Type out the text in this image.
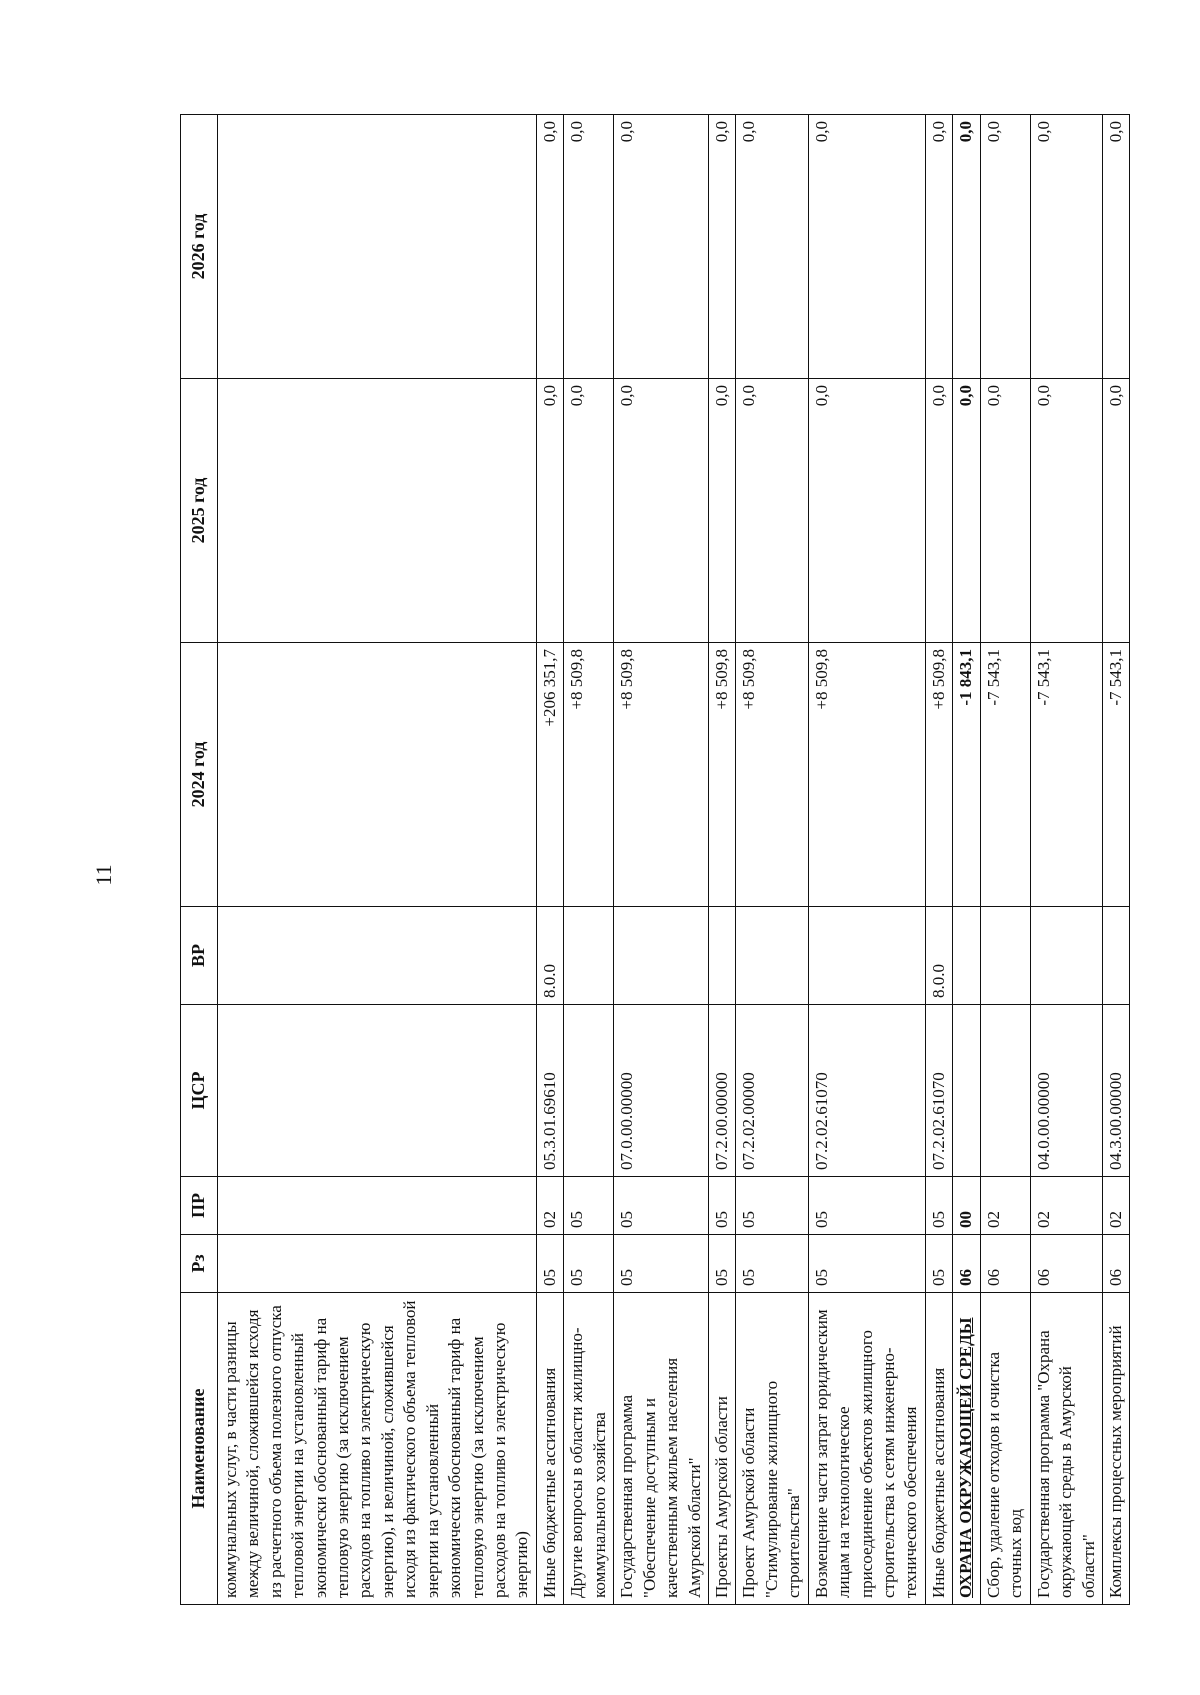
11
Наименование	Рз	ПР	ЦСР	ВР	2024 год	2025 год	2026 год
коммунальных услуг, в части разницы между величиной, сложившейся исходя из расчетного объема полезного отпуска тепловой энергии на установленный экономически обоснованный тариф на тепловую энергию (за исключением расходов на топливо и электрическую энергию), и величиной, сложившейся исходя из фактического объема тепловой энергии на установленный экономически обоснованный тариф на тепловую энергию (за исключением расходов на топливо и электрическую энергию)							
Иные бюджетные ассигнования	05	02	05.3.01.69610	8.0.0	+206 351,7	0,0	0,0
Другие вопросы в области жилищно-коммунального хозяйства	05	05			+8 509,8	0,0	0,0
Государственная программа "Обеспечение доступным и качественным жильем населения Амурской области"	05	05	07.0.00.00000		+8 509,8	0,0	0,0
Проекты Амурской области	05	05	07.2.00.00000		+8 509,8	0,0	0,0
Проект Амурской области "Стимулирование жилищного строительства"	05	05	07.2.02.00000		+8 509,8	0,0	0,0
Возмещение части затрат юридическим лицам на технологическое присоединение объектов жилищного строительства к сетям инженерно-технического обеспечения	05	05	07.2.02.61070		+8 509,8	0,0	0,0
Иные бюджетные ассигнования	05	05	07.2.02.61070	8.0.0	+8 509,8	0,0	0,0
ОХРАНА ОКРУЖАЮЩЕЙ СРЕДЫ	06	00			-1 843,1	0,0	0,0
Сбор, удаление отходов и очистка сточных вод	06	02			-7 543,1	0,0	0,0
Государственная программа "Охрана окружающей среды в Амурской области"	06	02	04.0.00.00000		-7 543,1	0,0	0,0
Комплексы процессных мероприятий	06	02	04.3.00.00000		-7 543,1	0,0	0,0
